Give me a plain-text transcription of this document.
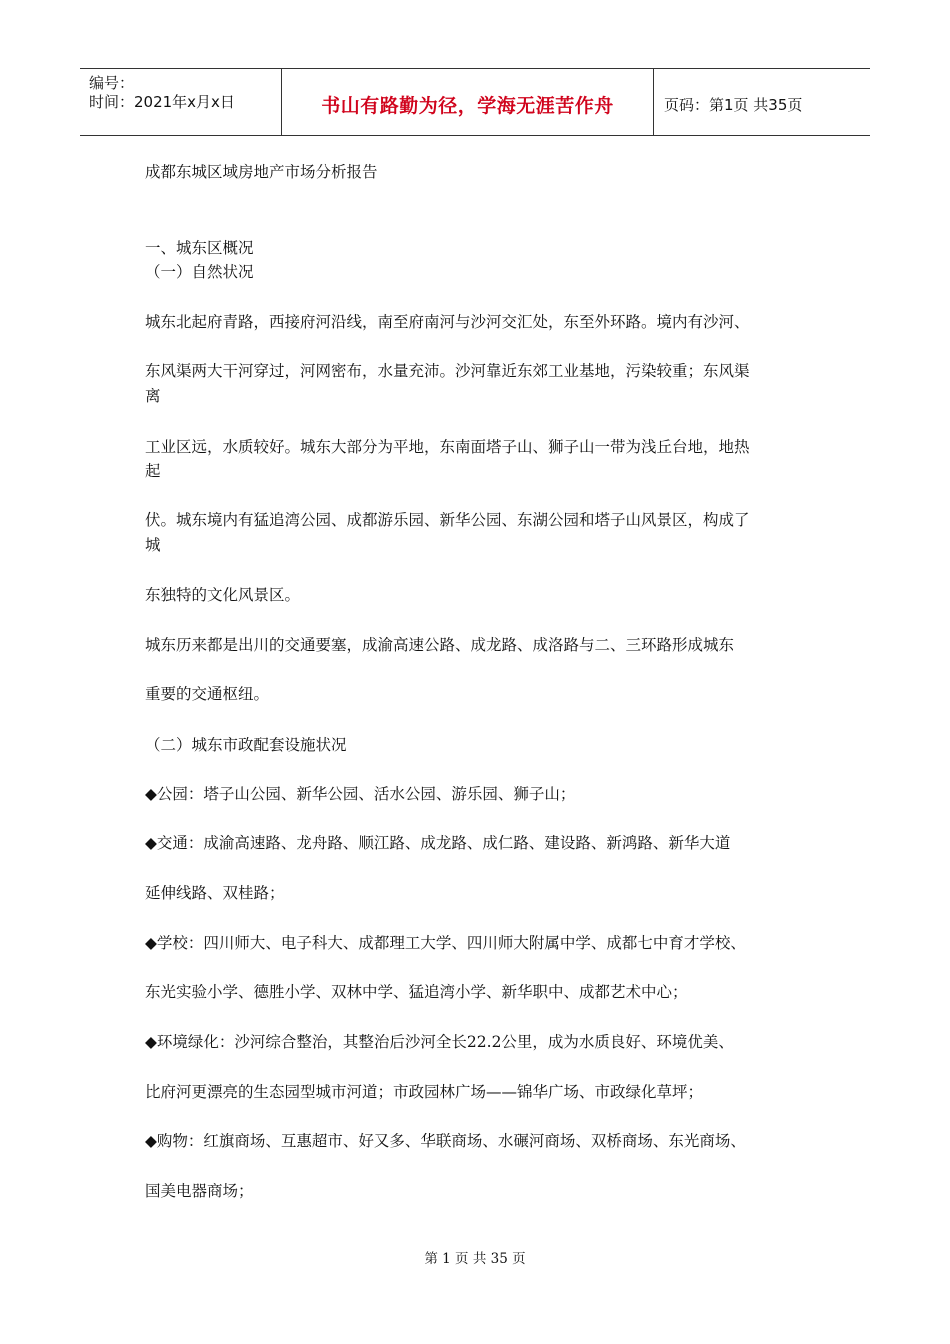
编号：
时间：2021年x月x日	书山有路勤为径，学海无涯苦作舟	页码：第1页 共35页
成都东城区域房地产市场分析报告
一、城东区概况
（一）自然状况
城东北起府青路，西接府河沿线，南至府南河与沙河交汇处，东至外环路。境内有沙河、
东风渠两大干河穿过，河网密布，水量充沛。沙河靠近东郊工业基地，污染较重；东风渠
离
工业区远，水质较好。城东大部分为平地，东南面塔子山、狮子山一带为浅丘台地，地热
起
伏。城东境内有猛追湾公园、成都游乐园、新华公园、东湖公园和塔子山风景区，构成了
城
东独特的文化风景区。
城东历来都是出川的交通要塞，成渝高速公路、成龙路、成洛路与二、三环路形成城东
重要的交通枢纽。
（二）城东市政配套设施状况
◆公园：塔子山公园、新华公园、活水公园、游乐园、狮子山；
◆交通：成渝高速路、龙舟路、顺江路、成龙路、成仁路、建设路、新鸿路、新华大道
延伸线路、双桂路；
◆学校：四川师大、电子科大、成都理工大学、四川师大附属中学、成都七中育才学校、
东光实验小学、德胜小学、双林中学、猛追湾小学、新华职中、成都艺术中心；
◆环境绿化：沙河综合整治，其整治后沙河全长22.2公里，成为水质良好、环境优美、
比府河更漂亮的生态园型城市河道；市政园林广场——锦华广场、市政绿化草坪；
◆购物：红旗商场、互惠超市、好又多、华联商场、水碾河商场、双桥商场、东光商场、
国美电器商场；
第 1 页 共 35 页
